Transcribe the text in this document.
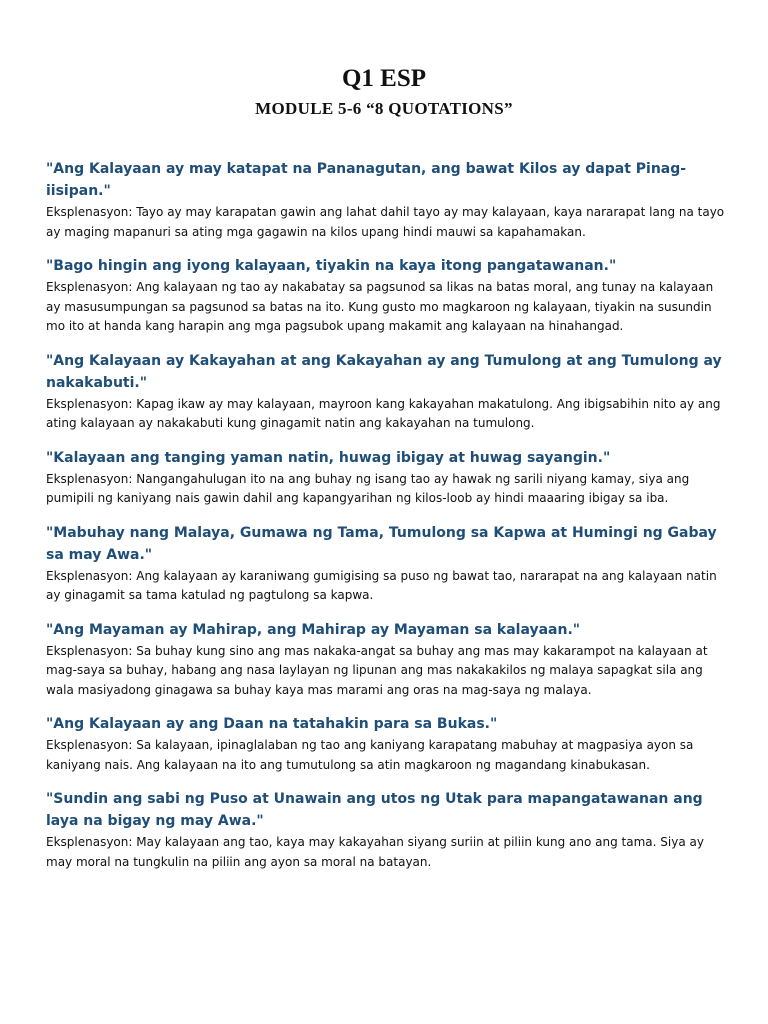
Q1 ESP
MODULE 5-6 “8 QUOTATIONS”

"Ang Kalayaan ay may katapat na Pananagutan, ang bawat Kilos ay dapat Pinag-iisipan."

Eksplenasyon: Tayo ay may karapatan gawin ang lahat dahil tayo ay may kalayaan, kaya nararapat lang na tayo ay maging mapanuri sa ating mga gagawin na kilos upang hindi mauwi sa kapahamakan.

"Bago hingin ang iyong kalayaan, tiyakin na kaya itong pangatawanan."

Eksplenasyon: Ang kalayaan ng tao ay nakabatay sa pagsunod sa likas na batas moral, ang tunay na kalayaan ay masusumpungan sa pagsunod sa batas na ito. Kung gusto mo magkaroon ng kalayaan, tiyakin na susundin mo ito at handa kang harapin ang mga pagsubok upang makamit ang kalayaan na hinahangad.

"Ang Kalayaan ay Kakayahan at ang Kakayahan ay ang Tumulong at ang Tumulong ay nakakabuti."

Eksplenasyon: Kapag ikaw ay may kalayaan, mayroon kang kakayahan makatulong. Ang ibigsabihin nito ay ang ating kalayaan ay nakakabuti kung ginagamit natin ang kakayahan na tumulong.

"Kalayaan ang tanging yaman natin, huwag ibigay at huwag sayangin."

Eksplenasyon: Nangangahulugan ito na ang buhay ng isang tao ay hawak ng sarili niyang kamay, siya ang pumipili ng kaniyang nais gawin dahil ang kapangyarihan ng kilos-loob ay hindi maaaring ibigay sa iba.

"Mabuhay nang Malaya, Gumawa ng Tama, Tumulong sa Kapwa at Humingi ng Gabay sa may Awa."

Eksplenasyon: Ang kalayaan ay karaniwang gumigising sa puso ng bawat tao, nararapat na ang kalayaan natin ay ginagamit sa tama katulad ng pagtulong sa kapwa.

"Ang Mayaman ay Mahirap, ang Mahirap ay Mayaman sa kalayaan."

Eksplenasyon: Sa buhay kung sino ang mas nakaka-angat sa buhay ang mas may kakarampot na kalayaan at mag-saya sa buhay, habang ang nasa laylayan ng lipunan ang mas nakakakilos ng malaya sapagkat sila ang wala masiyadong ginagawa sa buhay kaya mas marami ang oras na mag-saya ng malaya.

"Ang Kalayaan ay ang Daan na tatahakin para sa Bukas."

Eksplenasyon: Sa kalayaan, ipinaglalaban ng tao ang kaniyang karapatang mabuhay at magpasiya ayon sa kaniyang nais. Ang kalayaan na ito ang tumutulong sa atin magkaroon ng magandang kinabukasan.

"Sundin ang sabi ng Puso at Unawain ang utos ng Utak para mapangatawanan ang laya na bigay ng may Awa."

Eksplenasyon: May kalayaan ang tao, kaya may kakayahan siyang suriin at piliin kung ano ang tama. Siya ay may moral na tungkulin na piliin ang ayon sa moral na batayan.
